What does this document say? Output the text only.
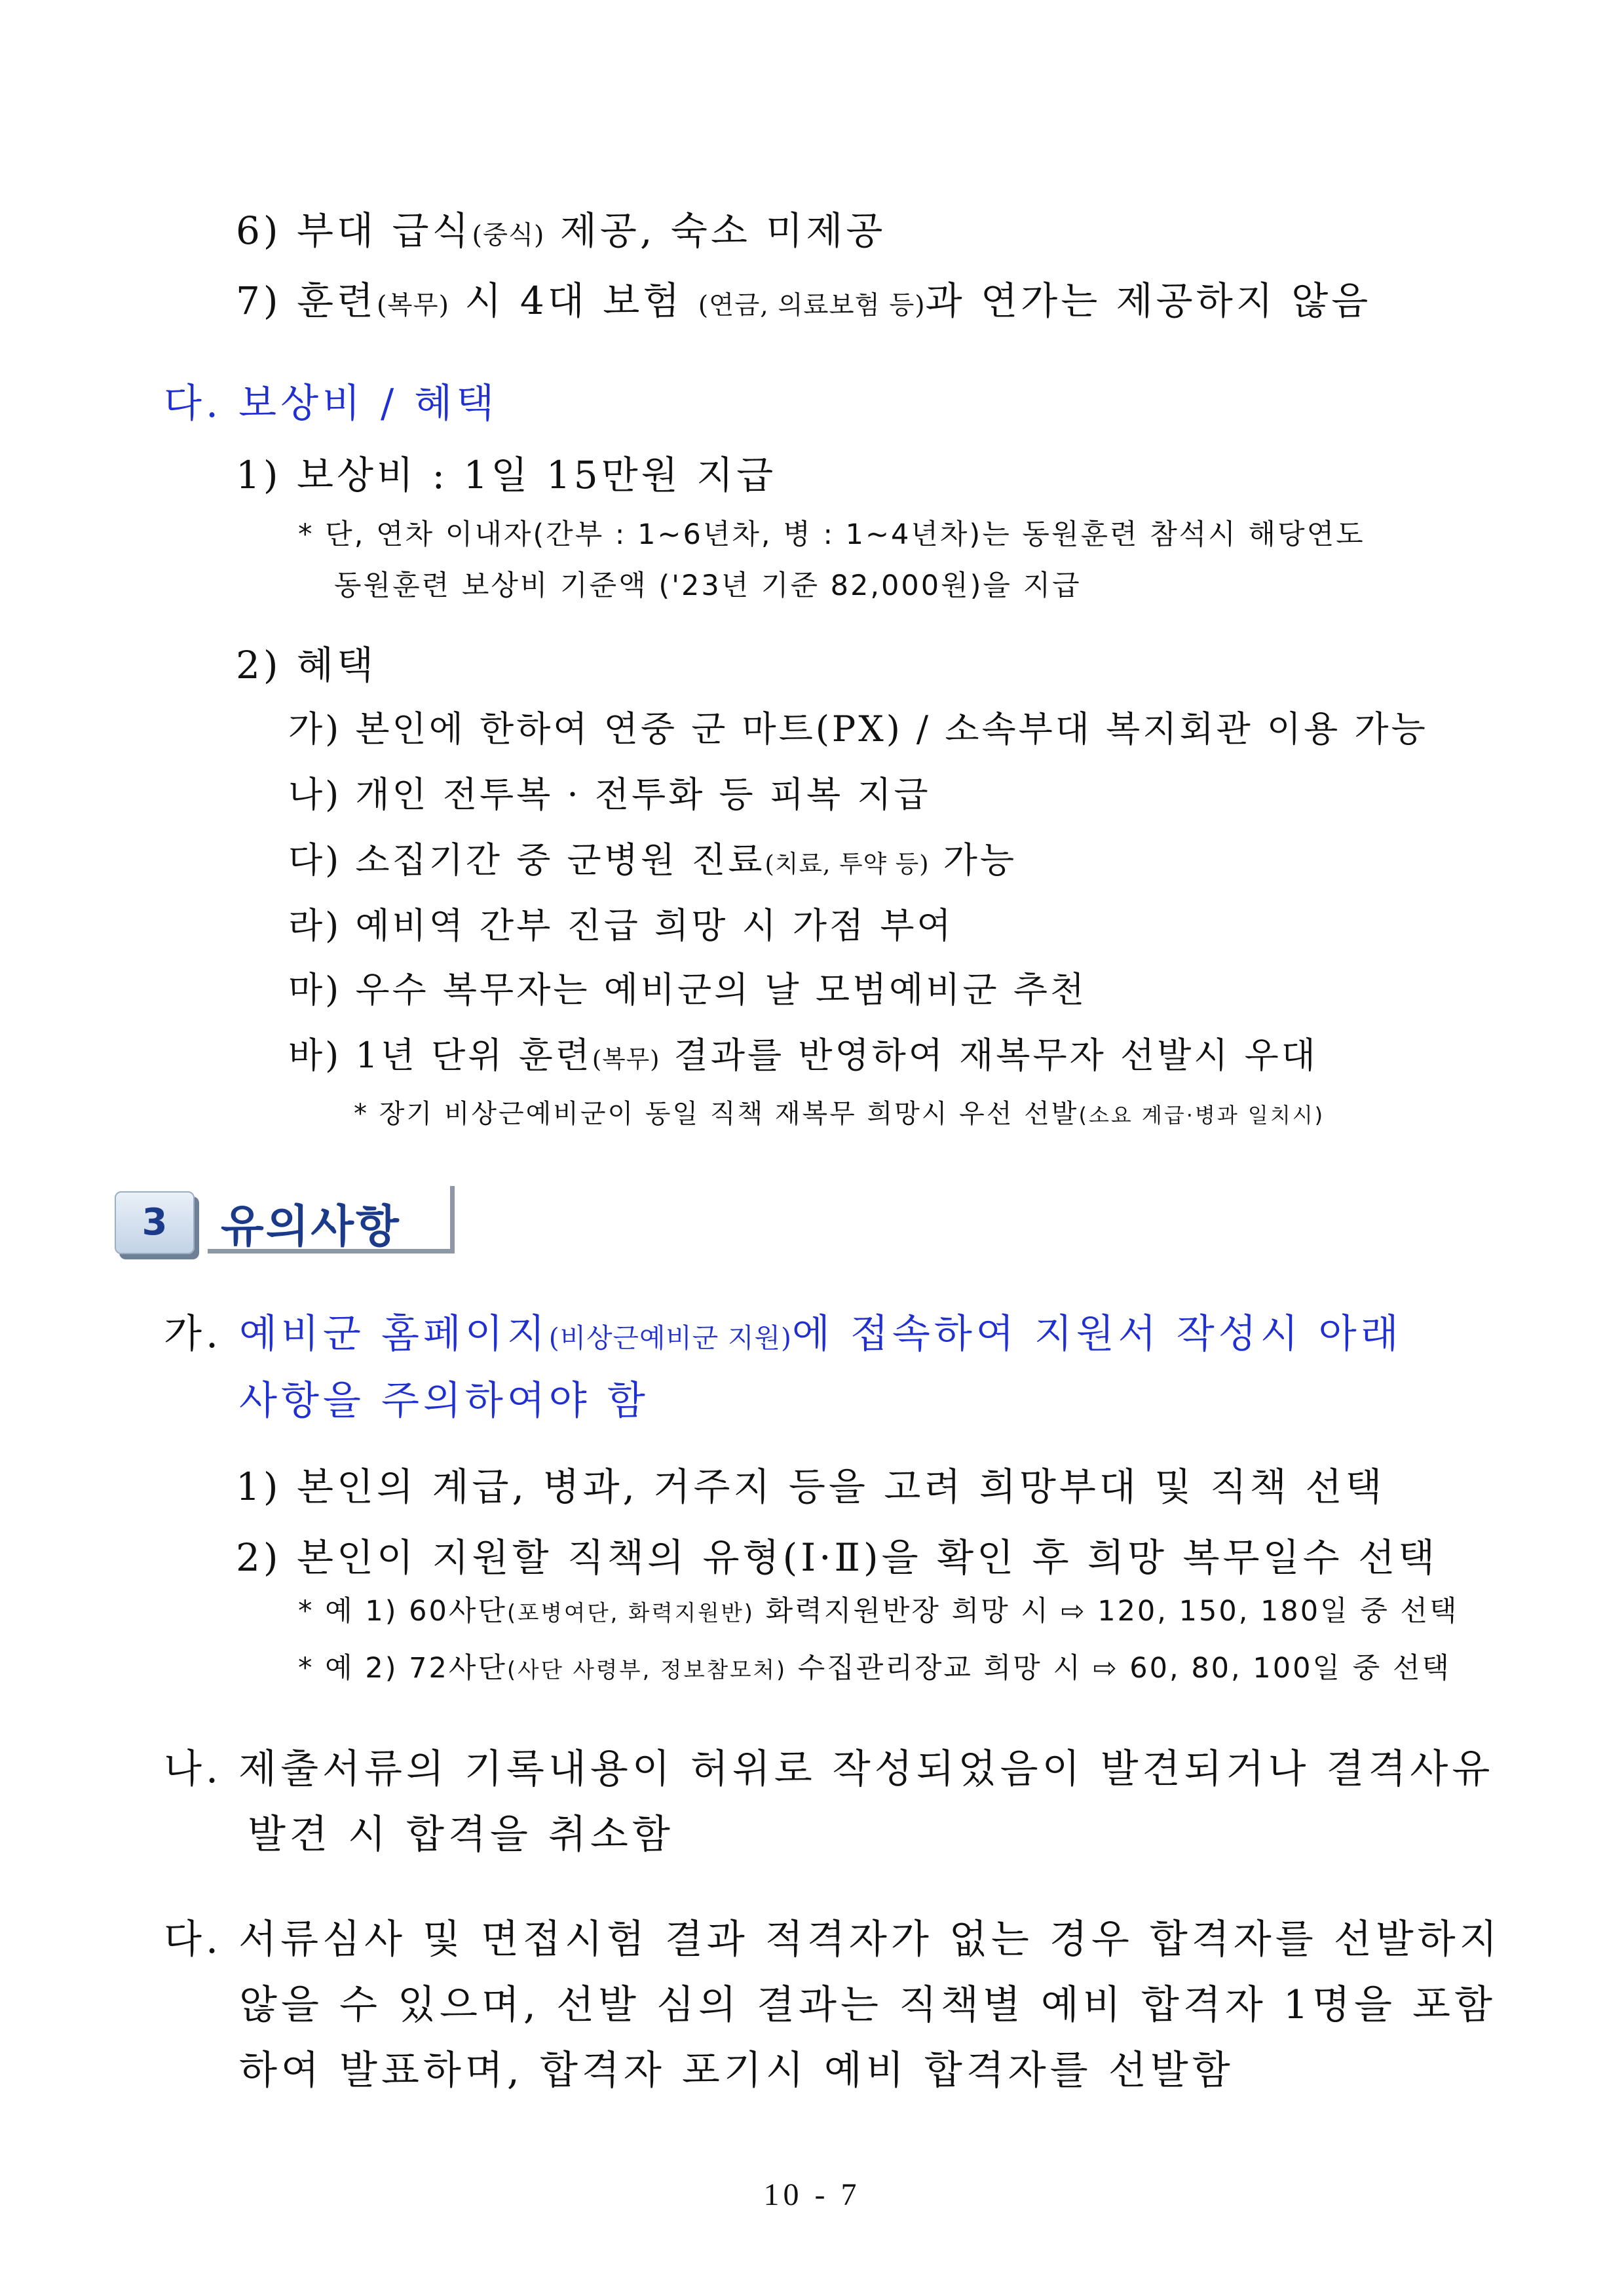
6) 부대 급식(중식) 제공, 숙소 미제공

7) 훈련(복무) 시 4대 보험 (연금, 의료보험 등)과 연가는 제공하지 않음

다. 보상비 / 혜택

1) 보상비 : 1일 15만원 지급

* 단, 연차 이내자(간부 : 1~6년차, 병 : 1~4년차)는 동원훈련 참석시 해당연도

동원훈련 보상비 기준액 ('23년 기준 82,000원)을 지급

2) 혜택

가) 본인에 한하여 연중 군 마트(PX) / 소속부대 복지회관 이용 가능

나) 개인 전투복 · 전투화 등 피복 지급

다) 소집기간 중 군병원 진료(치료, 투약 등) 가능

라) 예비역 간부 진급 희망 시 가점 부여

마) 우수 복무자는 예비군의 날 모범예비군 추천

바) 1년 단위 훈련(복무) 결과를 반영하여 재복무자 선발시 우대

* 장기 비상근예비군이 동일 직책 재복무 희망시 우선 선발(소요 계급·병과 일치시)

3	유의사항

가. 예비군 홈페이지(비상근예비군 지원)에 접속하여 지원서 작성시 아래

사항을 주의하여야 함

1) 본인의 계급, 병과, 거주지 등을 고려 희망부대 및 직책 선택

2) 본인이 지원할 직책의 유형(Ⅰ·Ⅱ)을 확인 후 희망 복무일수 선택

* 예 1) 60사단(포병여단, 화력지원반) 화력지원반장 희망 시 ⇨ 120, 150, 180일 중 선택

* 예 2) 72사단(사단 사령부, 정보참모처) 수집관리장교 희망 시 ⇨ 60, 80, 100일 중 선택

나. 제출서류의 기록내용이 허위로 작성되었음이 발견되거나 결격사유

발견 시 합격을 취소함

다. 서류심사 및 면접시험 결과 적격자가 없는 경우 합격자를 선발하지

않을 수 있으며, 선발 심의 결과는 직책별 예비 합격자 1명을 포함

하여 발표하며, 합격자 포기시 예비 합격자를 선발함

10 - 7
